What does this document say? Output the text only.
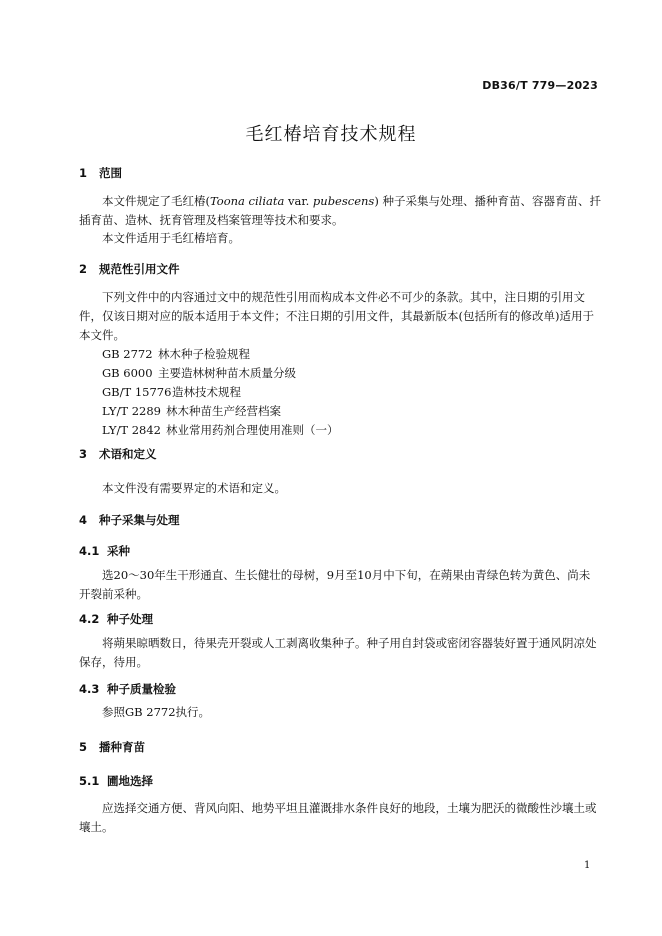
DB36/T 779—2023
毛红椿培育技术规程
1 范围
本文件规定了毛红椿(Toona ciliata var. pubescens) 种子采集与处理、播种育苗、容器育苗、扦插育苗、造林、抚育管理及档案管理等技术和要求。
本文件适用于毛红椿培育。
2 规范性引用文件
下列文件中的内容通过文中的规范性引用而构成本文件必不可少的条款。其中，注日期的引用文件，仅该日期对应的版本适用于本文件；不注日期的引用文件，其最新版本(包括所有的修改单)适用于本文件。
GB 2772 林木种子检验规程
GB 6000 主要造林树种苗木质量分级
GB/T 15776造林技术规程
LY/T 2289 林木种苗生产经营档案
LY/T 2842 林业常用药剂合理使用准则（一）
3 术语和定义
本文件没有需要界定的术语和定义。
4 种子采集与处理
4.1 采种
选20～30年生干形通直、生长健壮的母树，9月至10月中下旬，在蒴果由青绿色转为黄色、尚未开裂前采种。
4.2 种子处理
将蒴果晾晒数日，待果壳开裂或人工剥离收集种子。种子用自封袋或密闭容器装好置于通风阴凉处保存，待用。
4.3 种子质量检验
参照GB 2772执行。
5 播种育苗
5.1 圃地选择
应选择交通方便、背风向阳、地势平坦且灌溉排水条件良好的地段，土壤为肥沃的微酸性沙壤土或壤土。
1
